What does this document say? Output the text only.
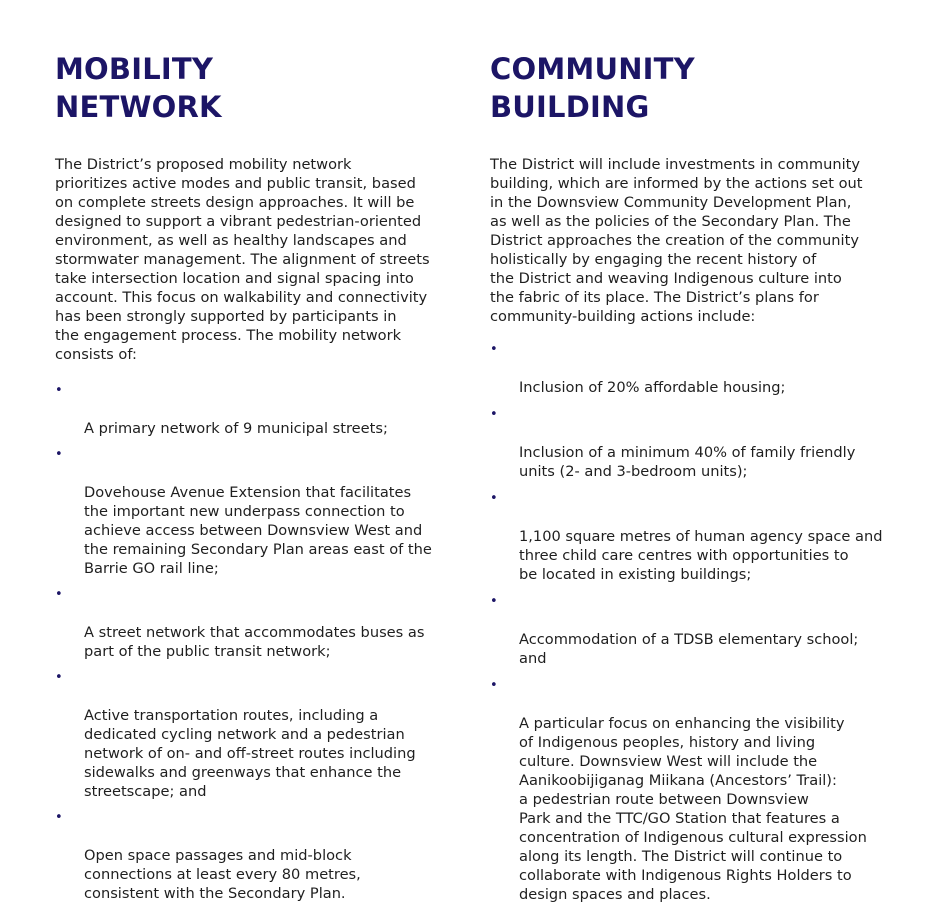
MOBILITY
NETWORK

The District’s proposed mobility network
prioritizes active modes and public transit, based
on complete streets design approaches. It will be
designed to support a vibrant pedestrian-oriented
environment, as well as healthy landscapes and
stormwater management. The alignment of streets
take intersection location and signal spacing into
account. This focus on walkability and connectivity
has been strongly supported by participants in
the engagement process. The mobility network
consists of:

•

A primary network of 9 municipal streets;

•

Dovehouse Avenue Extension that facilitates
the important new underpass connection to
achieve access between Downsview West and
the remaining Secondary Plan areas east of the
Barrie GO rail line;

•

A street network that accommodates buses as
part of the public transit network;

•

Active transportation routes, including a
dedicated cycling network and a pedestrian
network of on- and off-street routes including
sidewalks and greenways that enhance the
streetscape; and

•

Open space passages and mid-block
connections at least every 80 metres,
consistent with the Secondary Plan.

COMMUNITY
BUILDING

The District will include investments in community
building, which are informed by the actions set out
in the Downsview Community Development Plan,
as well as the policies of the Secondary Plan. The
District approaches the creation of the community
holistically by engaging the recent history of
the District and weaving Indigenous culture into
the fabric of its place. The District’s plans for
community-building actions include:

•

Inclusion of 20% affordable housing;

•

Inclusion of a minimum 40% of family friendly
units (2- and 3-bedroom units);

•

1,100 square metres of human agency space and
three child care centres with opportunities to
be located in existing buildings;

•

Accommodation of a TDSB elementary school;
and

•

A particular focus on enhancing the visibility
of Indigenous peoples, history and living
culture. Downsview West will include the
Aanikoobijiganag Miikana (Ancestors’ Trail):
a pedestrian route between Downsview
Park and the TTC/GO Station that features a
concentration of Indigenous cultural expression
along its length. The District will continue to
collaborate with Indigenous Rights Holders to
design spaces and places.
